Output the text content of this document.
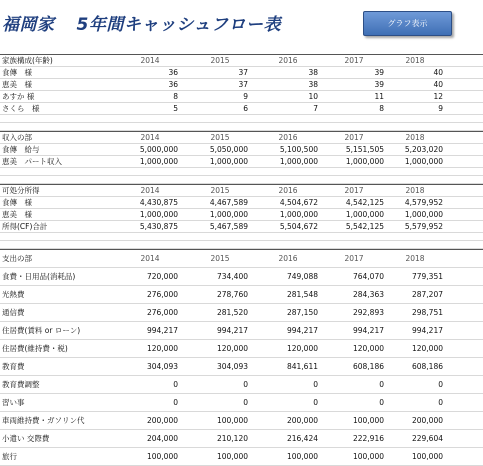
福岡家 5年間キャッシュフロー表	グラフ表示
家族構成(年齢)	2014	2015	2016	2017	2018
食傳　様	36	37	38	39	40
恵美　様	36	37	38	39	40
あすか 様	8	9	10	11	12
さくら　様	5	6	7	8	9
収入の部	2014	2015	2016	2017	2018
食傳　給与	5,000,000	5,050,000	5,100,500	5,151,505	5,203,020
恵美　パート収入	1,000,000	1,000,000	1,000,000	1,000,000	1,000,000
可処分所得	2014	2015	2016	2017	2018
食傳　様	4,430,875	4,467,589	4,504,672	4,542,125	4,579,952
恵美　様	1,000,000	1,000,000	1,000,000	1,000,000	1,000,000
所得(CF)合計	5,430,875	5,467,589	5,504,672	5,542,125	5,579,952
支出の部	2014	2015	2016	2017	2018
食費・日用品(消耗品)	720,000	734,400	749,088	764,070	779,351
光熱費	276,000	278,760	281,548	284,363	287,207
通信費	276,000	281,520	287,150	292,893	298,751
住居費(賃料 or ローン)	994,217	994,217	994,217	994,217	994,217
住居費(維持費・税)	120,000	120,000	120,000	120,000	120,000
教育費	304,093	304,093	841,611	608,186	608,186
教育費調整	0	0	0	0	0
習い事	0	0	0	0	0
車両維持費・ガソリン代	200,000	100,000	200,000	100,000	200,000
小遣い 交際費	204,000	210,120	216,424	222,916	229,604
旅行	100,000	100,000	100,000	100,000	100,000
